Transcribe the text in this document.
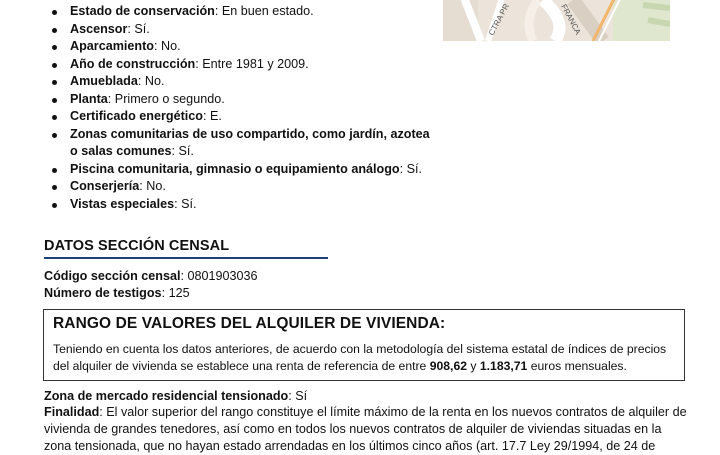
CTRA PR	FRANCA
Estado de conservación: En buen estado.
Ascensor: Sí.
Aparcamiento: No.
Año de construcción: Entre 1981 y 2009.
Amueblada: No.
Planta: Primero o segundo.
Certificado energético: E.
Zonas comunitarias de uso compartido, como jardín, azotea
o salas comunes: Sí.
Piscina comunitaria, gimnasio o equipamiento análogo: Sí.
Conserjería: No.
Vistas especiales: Sí.
DATOS SECCIÓN CENSAL
Código sección censal: 0801903036
Número de testigos: 125
RANGO DE VALORES DEL ALQUILER DE VIVIENDA:
Teniendo en cuenta los datos anteriores, de acuerdo con la metodología del sistema estatal de índices de precios
del alquiler de vivienda se establece una renta de referencia de entre 908,62 y 1.183,71 euros mensuales.
Zona de mercado residencial tensionado: Sí
Finalidad: El valor superior del rango constituye el límite máximo de la renta en los nuevos contratos de alquiler de
vivienda de grandes tenedores, así como en todos los nuevos contratos de alquiler de viviendas situadas en la
zona tensionada, que no hayan estado arrendadas en los últimos cinco años (art. 17.7 Ley 29/1994, de 24 de
